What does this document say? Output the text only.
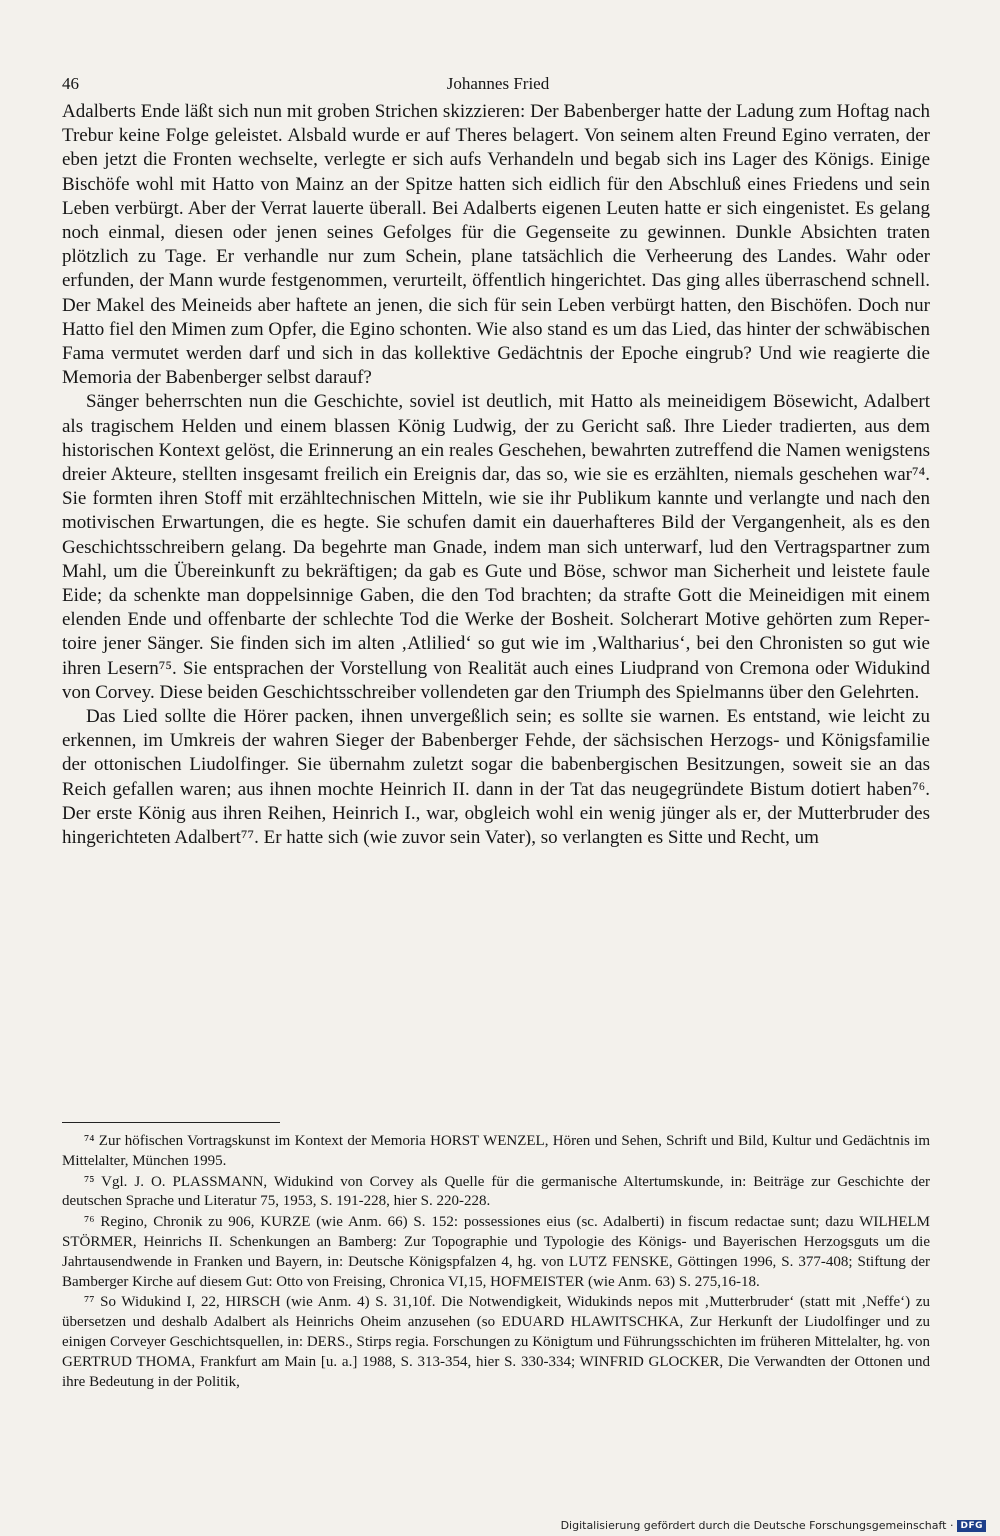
46	Johannes Fried

Adalberts Ende läßt sich nun mit groben Strichen skizzieren: Der Babenberger hatte der Ladung zum Hoftag nach Trebur keine Folge geleistet. Alsbald wurde er auf Theres belagert. Von seinem alten Freund Egino verraten, der eben jetzt die Fronten wechselte, verlegte er sich aufs Verhandeln und begab sich ins Lager des Königs. Einige Bischöfe wohl mit Hatto von Mainz an der Spitze hatten sich eidlich für den Abschluß eines Friedens und sein Leben verbürgt. Aber der Verrat lauerte überall. Bei Adalberts eigenen Leuten hatte er sich eingenistet. Es gelang noch einmal, diesen oder jenen seines Gefolges für die Gegenseite zu gewinnen. Dunkle Absichten traten plötzlich zu Tage. Er verhandle nur zum Schein, plane tatsächlich die Verheerung des Landes. Wahr oder erfunden, der Mann wurde festgenommen, verurteilt, öffentlich hingerichtet. Das ging alles überraschend schnell. Der Makel des Meineids aber haftete an jenen, die sich für sein Leben verbürgt hatten, den Bischöfen. Doch nur Hatto fiel den Mimen zum Opfer, die Egino schonten. Wie also stand es um das Lied, das hinter der schwäbischen Fama vermutet werden darf und sich in das kollektive Gedächtnis der Epoche eingrub? Und wie reagierte die Memoria der Babenberger selbst darauf?

Sänger beherrschten nun die Geschichte, soviel ist deutlich, mit Hatto als meineidigem Bösewicht, Adalbert als tragischem Helden und einem blassen König Ludwig, der zu Gericht saß. Ihre Lieder tradierten, aus dem historischen Kontext gelöst, die Erinnerung an ein reales Geschehen, bewahrten zutreffend die Namen wenigstens dreier Akteure, stellten insgesamt freilich ein Ereignis dar, das so, wie sie es erzählten, niemals geschehen war⁷⁴. Sie formten ihren Stoff mit erzähltechnischen Mitteln, wie sie ihr Publikum kannte und verlangte und nach den motivischen Erwartungen, die es hegte. Sie schufen damit ein dauerhafteres Bild der Vergangenheit, als es den Geschichtsschreibern gelang. Da begehrte man Gnade, indem man sich unterwarf, lud den Vertragspartner zum Mahl, um die Übereinkunft zu bekräftigen; da gab es Gute und Böse, schwor man Sicherheit und leistete faule Eide; da schenkte man doppelsinnige Gaben, die den Tod brachten; da strafte Gott die Meineidigen mit einem elenden Ende und offenbarte der schlechte Tod die Werke der Bosheit. Solcherart Motive gehörten zum Repertoire jener Sänger. Sie finden sich im alten ‚Atlilied‘ so gut wie im ‚Waltharius‘, bei den Chronisten so gut wie ihren Lesern⁷⁵. Sie entsprachen der Vorstellung von Realität auch eines Liudprand von Cremona oder Widukind von Corvey. Diese beiden Geschichtsschreiber vollendeten gar den Triumph des Spielmanns über den Gelehrten.

Das Lied sollte die Hörer packen, ihnen unvergeßlich sein; es sollte sie warnen. Es entstand, wie leicht zu erkennen, im Umkreis der wahren Sieger der Babenberger Fehde, der sächsischen Herzogs- und Königsfamilie der ottonischen Liudolfinger. Sie übernahm zuletzt sogar die babenbergischen Besitzungen, soweit sie an das Reich gefallen waren; aus ihnen mochte Heinrich II. dann in der Tat das neugegründete Bistum dotiert haben⁷⁶. Der erste König aus ihren Reihen, Heinrich I., war, obgleich wohl ein wenig jünger als er, der Mutterbruder des hingerichteten Adalbert⁷⁷. Er hatte sich (wie zuvor sein Vater), so verlangten es Sitte und Recht, um

⁷⁴ Zur höfischen Vortragskunst im Kontext der Memoria HORST WENZEL, Hören und Sehen, Schrift und Bild, Kultur und Gedächtnis im Mittelalter, München 1995.

⁷⁵ Vgl. J. O. PLASSMANN, Widukind von Corvey als Quelle für die germanische Altertumskunde, in: Beiträge zur Geschichte der deutschen Sprache und Literatur 75, 1953, S. 191-228, hier S. 220-228.

⁷⁶ Regino, Chronik zu 906, KURZE (wie Anm. 66) S. 152: possessiones eius (sc. Adalberti) in fiscum redactae sunt; dazu WILHELM STÖRMER, Heinrichs II. Schenkungen an Bamberg: Zur Topographie und Typologie des Königs- und Bayerischen Herzogsguts um die Jahrtausendwende in Franken und Bayern, in: Deutsche Königspfalzen 4, hg. von LUTZ FENSKE, Göttingen 1996, S. 377-408; Stiftung der Bamberger Kirche auf diesem Gut: Otto von Freising, Chronica VI,15, HOFMEISTER (wie Anm. 63) S. 275,16-18.

⁷⁷ So Widukind I, 22, HIRSCH (wie Anm. 4) S. 31,10f. Die Notwendigkeit, Widukinds nepos mit ‚Mutterbruder‘ (statt mit ‚Neffe‘) zu übersetzen und deshalb Adalbert als Heinrichs Oheim anzusehen (so EDUARD HLAWITSCHKA, Zur Herkunft der Liudolfinger und zu einigen Corveyer Geschichtsquellen, in: DERS., Stirps regia. Forschungen zu Königtum und Führungsschichten im früheren Mittelalter, hg. von GERTRUD THOMA, Frankfurt am Main [u. a.] 1988, S. 313-354, hier S. 330-334; WINFRID GLOCKER, Die Verwandten der Ottonen und ihre Bedeutung in der Politik,

Digitalisierung gefördert durch die Deutsche Forschungsgemeinschaft · DFG
